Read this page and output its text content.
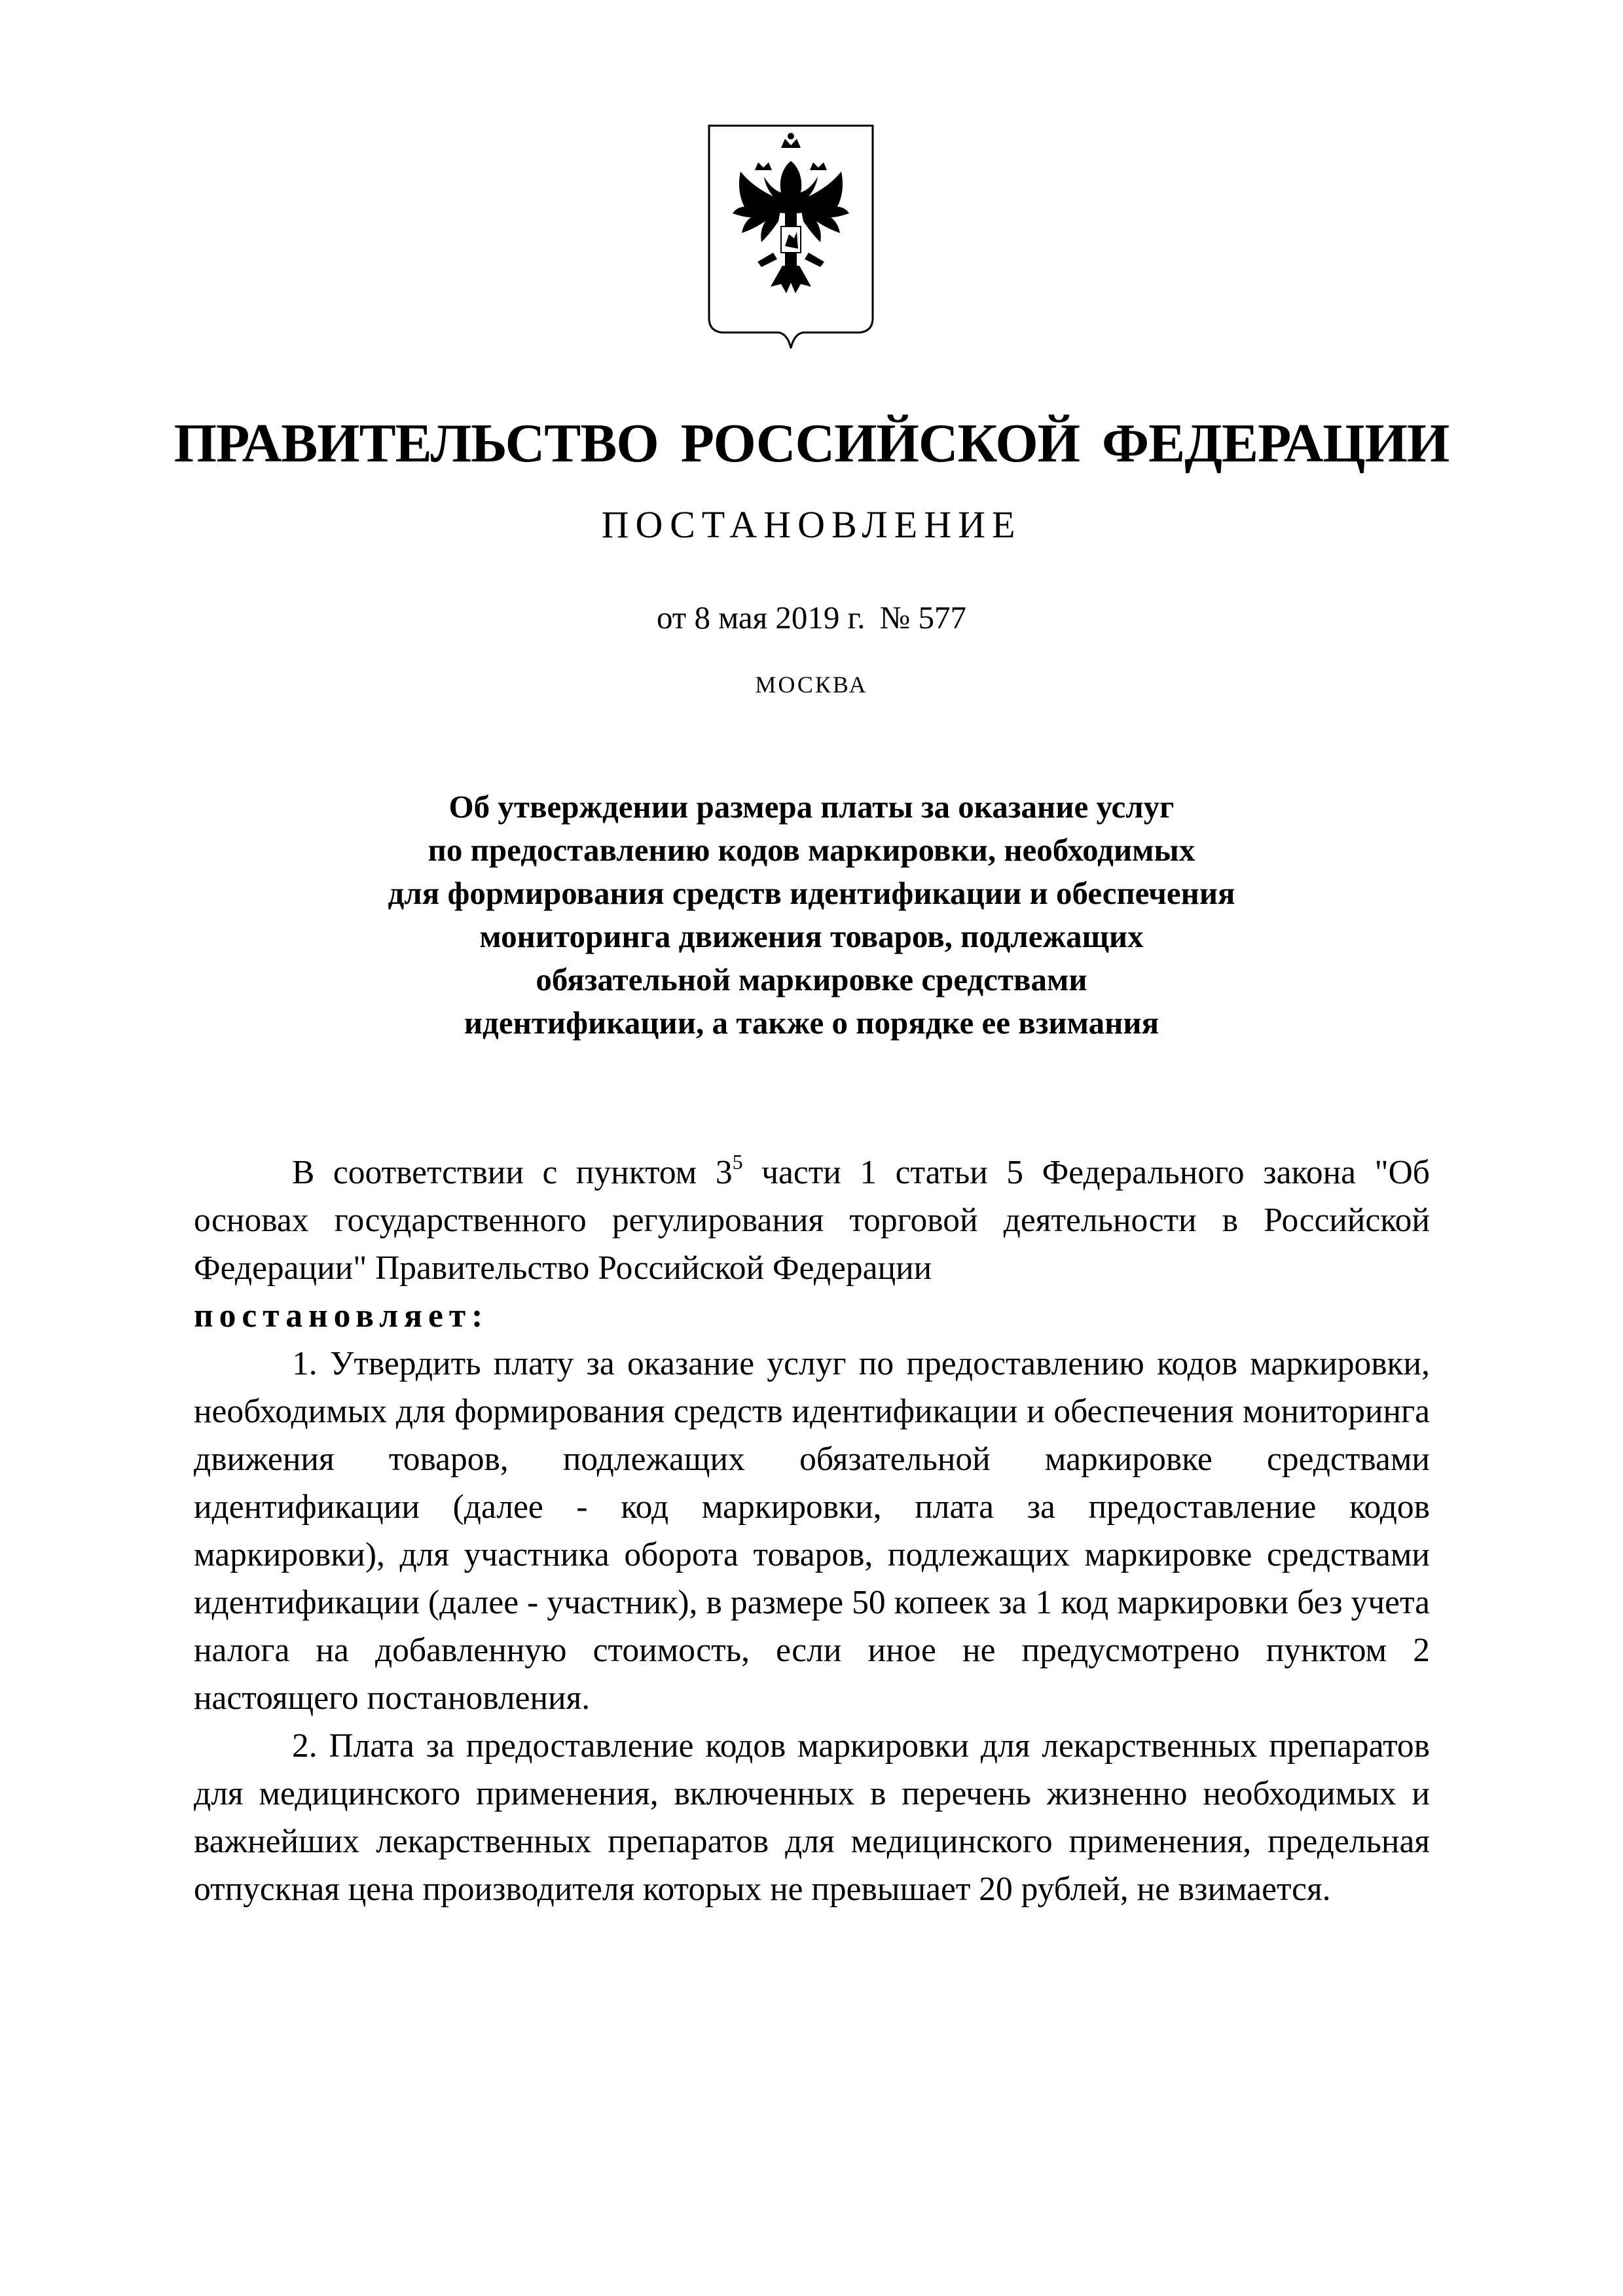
ПРАВИТЕЛЬСТВО РОССИЙСКОЙ ФЕДЕРАЦИИ
ПОСТАНОВЛЕНИЕ
от 8 мая 2019 г. № 577
МОСКВА
Об утверждении размера платы за оказание услуг
по предоставлению кодов маркировки, необходимых
для формирования средств идентификации и обеспечения
мониторинга движения товаров, подлежащих
обязательной маркировке средствами
идентификации, а также о порядке ее взимания

В соответствии с пунктом $3^5$ части 1 статьи 5 Федерального закона "Об основах государственного регулирования торговой деятельности в Российской Федерации" Правительство Российской Федерации

постановляет:

1. Утвердить плату за оказание услуг по предоставлению кодов маркировки, необходимых для формирования средств идентификации и обеспечения мониторинга движения товаров, подлежащих обязательной маркировке средствами идентификации (далее - код маркировки, плата за предоставление кодов маркировки), для участника оборота товаров, подлежащих маркировке средствами идентификации (далее - участник), в размере 50 копеек за 1 код маркировки без учета налога на добавленную стоимость, если иное не предусмотрено пунктом 2 настоящего постановления.

2. Плата за предоставление кодов маркировки для лекарственных препаратов для медицинского применения, включенных в перечень жизненно необходимых и важнейших лекарственных препаратов для медицинского применения, предельная отпускная цена производителя которых не превышает 20 рублей, не взимается.
